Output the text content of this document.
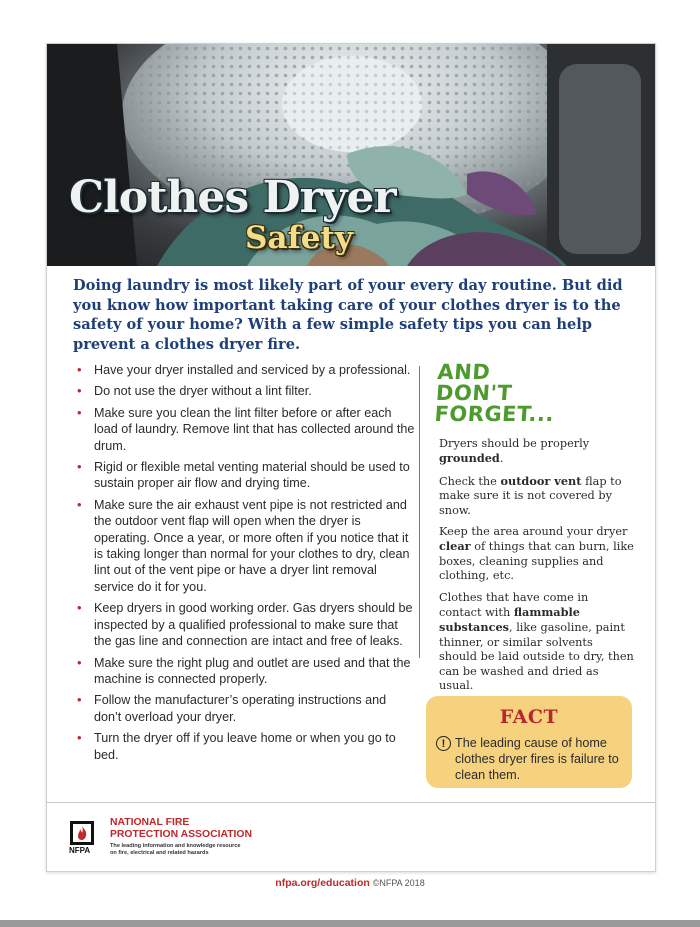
Clothes Dryer
Safety

Doing laundry is most likely part of your every day routine. But did you know how important taking care of your clothes dryer is to the safety of your home? With a few simple safety tips you can help prevent a clothes dryer fire.

• Have your dryer installed and serviced by a professional.
• Do not use the dryer without a lint filter.
• Make sure you clean the lint filter before or after each load of laundry. Remove lint that has collected around the drum.
• Rigid or flexible metal venting material should be used to sustain proper air flow and drying time.
• Make sure the air exhaust vent pipe is not restricted and the outdoor vent flap will open when the dryer is operating. Once a year, or more often if you notice that it is taking longer than normal for your clothes to dry, clean lint out of the vent pipe or have a dryer lint removal service do it for you.
• Keep dryers in good working order. Gas dryers should be inspected by a qualified professional to make sure that the gas line and connection are intact and free of leaks.
• Make sure the right plug and outlet are used and that the machine is connected properly.
• Follow the manufacturer’s operating instructions and don’t overload your dryer.
• Turn the dryer off if you leave home or when you go to bed.
AND
DON'T
FORGET...

Dryers should be properly grounded.

Check the outdoor vent flap to make sure it is not covered by snow.

Keep the area around your dryer clear of things that can burn, like boxes, cleaning supplies and clothing, etc.

Clothes that have come in contact with flammable substances, like gasoline, paint thinner, or similar solvents should be laid outside to dry, then can be washed and dried as usual.

FACT
! The leading cause of home clothes dryer fires is failure to clean them.

NFPA
NATIONAL FIRE
PROTECTION ASSOCIATION
The leading information and knowledge resource
on fire, electrical and related hazards
nfpa.org/education ©NFPA 2018
